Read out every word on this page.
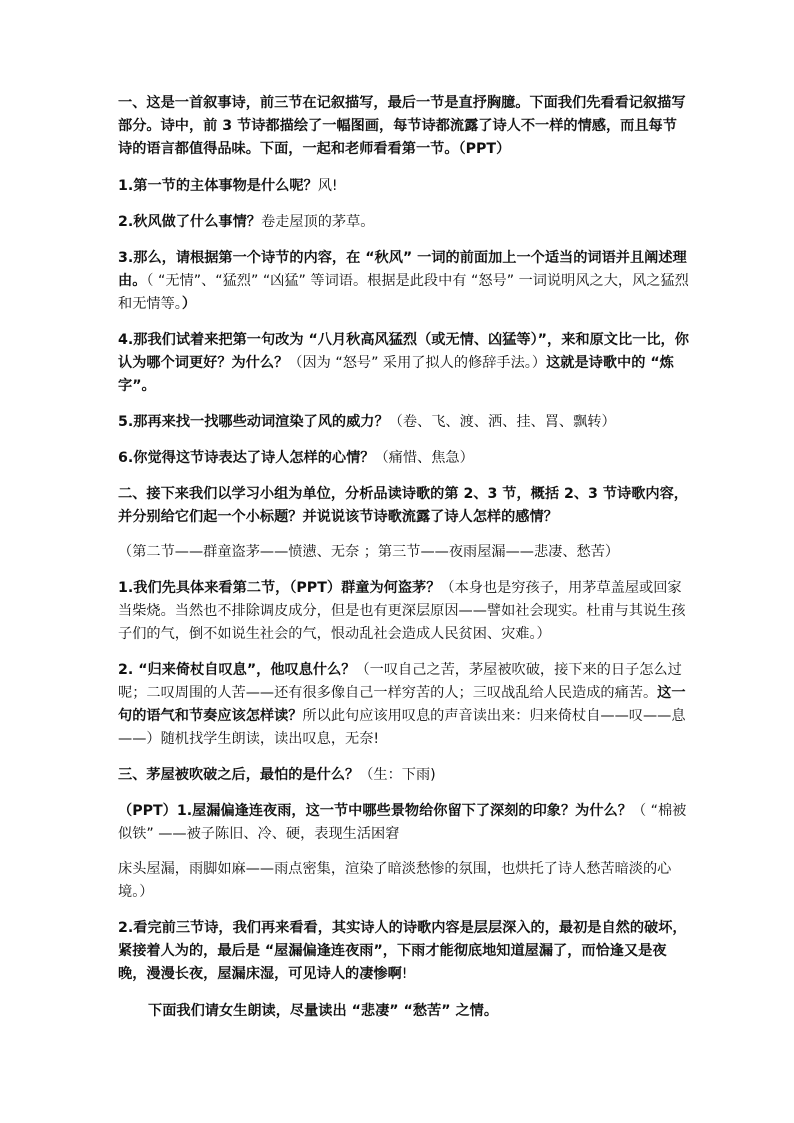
一、这是一首叙事诗，前三节在记叙描写，最后一节是直抒胸臆。下面我们先看看记叙描写部分。诗中，前 3 节诗都描绘了一幅图画，每节诗都流露了诗人不一样的情感，而且每节诗的语言都值得品味。下面，一起和老师看看第一节。（PPT）

1.第一节的主体事物是什么呢？风!

2.秋风做了什么事情？卷走屋顶的茅草。

3.那么，请根据第一个诗节的内容，在 “秋风” 一词的前面加上一个适当的词语并且阐述理由。（ “无情”、“猛烈” “凶猛” 等词语。根据是此段中有 “怒号” 一词说明风之大，风之猛烈和无情等。）

4.那我们试着来把第一句改为 “八月秋高风猛烈（或无情、凶猛等）”，来和原文比一比，你认为哪个词更好？为什么？（因为 “怒号” 采用了拟人的修辞手法。）这就是诗歌中的 “炼字”。

5.那再来找一找哪些动词渲染了风的威力？（卷、飞、渡、洒、挂、罥、飘转）

6.你觉得这节诗表达了诗人怎样的心情？（痛惜、焦急）

二、接下来我们以学习小组为单位，分析品读诗歌的第 2、3 节，概括 2、3 节诗歌内容，并分别给它们起一个小标题？并说说该节诗歌流露了诗人怎样的感情？

（第二节——群童盗茅——愤懑、无奈 ；第三节——夜雨屋漏——悲凄、愁苦）

1.我们先具体来看第二节，（PPT）群童为何盗茅？（本身也是穷孩子，用茅草盖屋或回家当柴烧。当然也不排除调皮成分，但是也有更深层原因——譬如社会现实。杜甫与其说生孩子们的气，倒不如说生社会的气，恨动乱社会造成人民贫困、灾难。）

2. “归来倚杖自叹息”，他叹息什么？（一叹自己之苦，茅屋被吹破，接下来的日子怎么过呢；二叹周围的人苦——还有很多像自己一样穷苦的人；三叹战乱给人民造成的痛苦。这一句的语气和节奏应该怎样读？所以此句应该用叹息的声音读出来：归来倚杖自——叹——息——）随机找学生朗读，读出叹息，无奈!

三、茅屋被吹破之后，最怕的是什么？（生：下雨)

（PPT）1.屋漏偏逢连夜雨，这一节中哪些景物给你留下了深刻的印象？为什么？（ “棉被似铁” ——被子陈旧、冷、硬，表现生活困窘

床头屋漏，雨脚如麻——雨点密集，渲染了暗淡愁惨的氛围，也烘托了诗人愁苦暗淡的心境。）

2.看完前三节诗，我们再来看看，其实诗人的诗歌内容是层层深入的，最初是自然的破坏，紧接着人为的，最后是 “屋漏偏逢连夜雨”，下雨才能彻底地知道屋漏了，而恰逢又是夜晚，漫漫长夜，屋漏床湿，可见诗人的凄惨啊!

下面我们请女生朗读，尽量读出 “悲凄” “愁苦” 之情。
